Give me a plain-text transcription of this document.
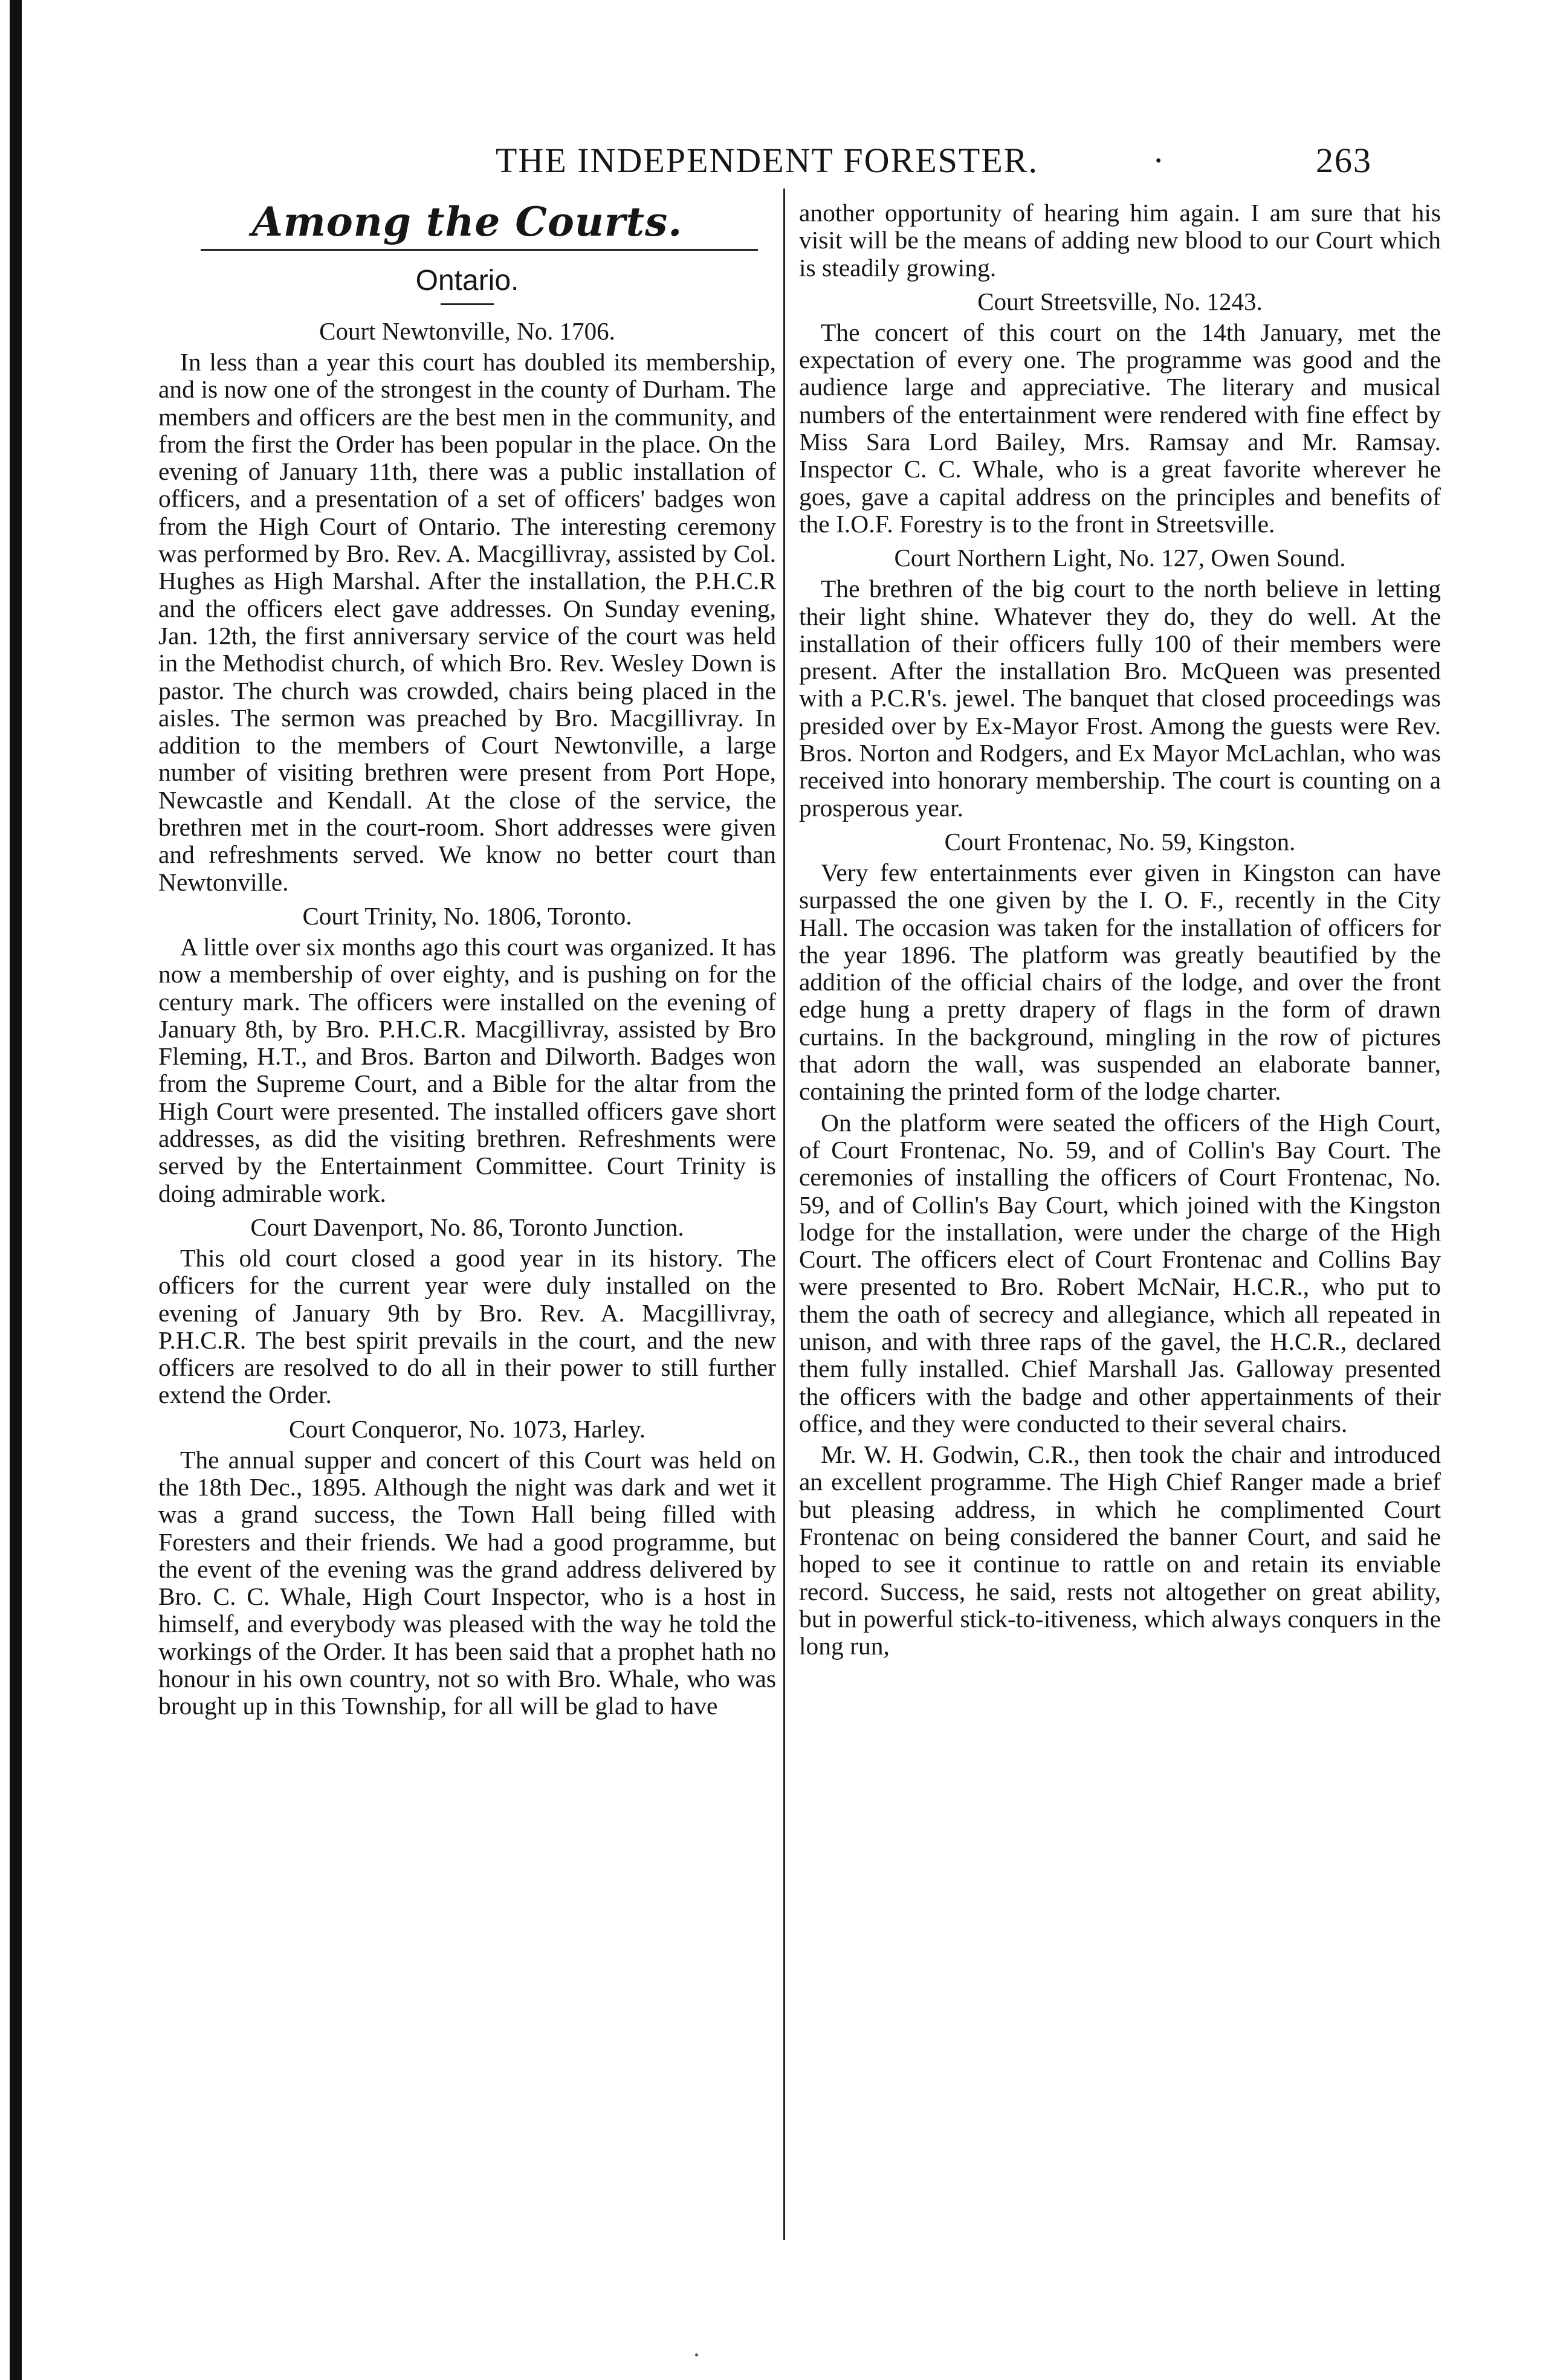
THE INDEPENDENT FORESTER.	·	263
Among the Courts.
Ontario.
Court Newtonville, No. 1706.

In less than a year this court has doubled its membership, and is now one of the strongest in the county of Durham. The members and officers are the best men in the community, and from the first the Order has been popular in the place. On the evening of January 11th, there was a public installation of officers, and a presentation of a set of officers' badges won from the High Court of Ontario. The interesting ceremony was performed by Bro. Rev. A. Macgillivray, assisted by Col. Hughes as High Marshal. After the installation, the P.H.C.R and the officers elect gave addresses. On Sunday evening, Jan. 12th, the first anniversary service of the court was held in the Methodist church, of which Bro. Rev. Wesley Down is pastor. The church was crowded, chairs being placed in the aisles. The sermon was preached by Bro. Macgillivray. In addition to the members of Court Newtonville, a large number of visiting brethren were present from Port Hope, Newcastle and Kendall. At the close of the service, the brethren met in the court-room. Short addresses were given and refreshments served. We know no better court than Newtonville.

Court Trinity, No. 1806, Toronto.

A little over six months ago this court was organized. It has now a membership of over eighty, and is pushing on for the century mark. The officers were installed on the evening of January 8th, by Bro. P.H.C.R. Macgillivray, assisted by Bro Fleming, H.T., and Bros. Barton and Dilworth. Badges won from the Supreme Court, and a Bible for the altar from the High Court were presented. The installed officers gave short addresses, as did the visiting brethren. Refreshments were served by the Entertainment Committee. Court Trinity is doing admirable work.

Court Davenport, No. 86, Toronto Junction.

This old court closed a good year in its history. The officers for the current year were duly installed on the evening of January 9th by Bro. Rev. A. Macgillivray, P.H.C.R. The best spirit prevails in the court, and the new officers are resolved to do all in their power to still further extend the Order.

Court Conqueror, No. 1073, Harley.

The annual supper and concert of this Court was held on the 18th Dec., 1895. Although the night was dark and wet it was a grand success, the Town Hall being filled with Foresters and their friends. We had a good programme, but the event of the evening was the grand address delivered by Bro. C. C. Whale, High Court Inspector, who is a host in himself, and everybody was pleased with the way he told the workings of the Order. It has been said that a prophet hath no honour in his own country, not so with Bro. Whale, who was brought up in this Township, for all will be glad to have

another opportunity of hearing him again. I am sure that his visit will be the means of adding new blood to our Court which is steadily growing.

Court Streetsville, No. 1243.

The concert of this court on the 14th January, met the expectation of every one. The programme was good and the audience large and appreciative. The literary and musical numbers of the entertainment were rendered with fine effect by Miss Sara Lord Bailey, Mrs. Ramsay and Mr. Ramsay. Inspector C. C. Whale, who is a great favorite wherever he goes, gave a capital address on the principles and benefits of the I.O.F. Forestry is to the front in Streetsville.

Court Northern Light, No. 127, Owen Sound.

The brethren of the big court to the north believe in letting their light shine. Whatever they do, they do well. At the installation of their officers fully 100 of their members were present. After the installation Bro. McQueen was presented with a P.C.R's. jewel. The banquet that closed proceedings was presided over by Ex-Mayor Frost. Among the guests were Rev. Bros. Norton and Rodgers, and Ex Mayor McLachlan, who was received into honorary membership. The court is counting on a prosperous year.

Court Frontenac, No. 59, Kingston.

Very few entertainments ever given in Kingston can have surpassed the one given by the I. O. F., recently in the City Hall. The occasion was taken for the installation of officers for the year 1896. The platform was greatly beautified by the addition of the official chairs of the lodge, and over the front edge hung a pretty drapery of flags in the form of drawn curtains. In the background, mingling in the row of pictures that adorn the wall, was suspended an elaborate banner, containing the printed form of the lodge charter.

On the platform were seated the officers of the High Court, of Court Frontenac, No. 59, and of Collin's Bay Court. The ceremonies of installing the officers of Court Frontenac, No. 59, and of Collin's Bay Court, which joined with the Kingston lodge for the installation, were under the charge of the High Court. The officers elect of Court Frontenac and Collins Bay were presented to Bro. Robert McNair, H.C.R., who put to them the oath of secrecy and allegiance, which all repeated in unison, and with three raps of the gavel, the H.C.R., declared them fully installed. Chief Marshall Jas. Galloway presented the officers with the badge and other appertainments of their office, and they were conducted to their several chairs.

Mr. W. H. Godwin, C.R., then took the chair and introduced an excellent programme. The High Chief Ranger made a brief but pleasing address, in which he complimented Court Frontenac on being considered the banner Court, and said he hoped to see it continue to rattle on and retain its enviable record. Success, he said, rests not altogether on great ability, but in powerful stick-to-itiveness, which always conquers in the long run,
